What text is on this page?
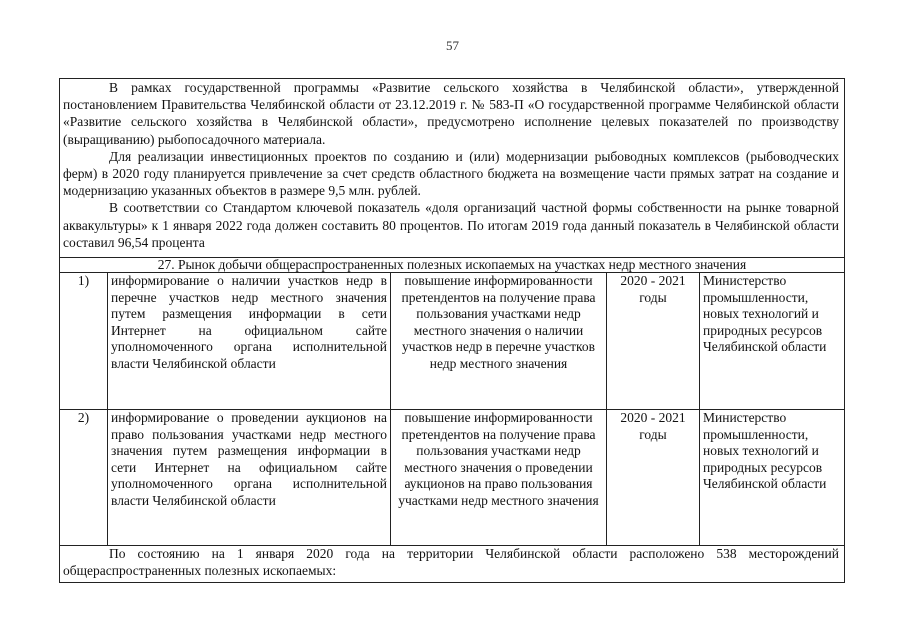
57

В рамках государственной программы «Развитие сельского хозяйства в Челябинской области», утвержденной постановлением Правительства Челябинской области от 23.12.2019 г. № 583-П «О государственной программе Челябинской области «Развитие сельского хозяйства в Челябинской области», предусмотрено исполнение целевых показателей по производству (выращиванию) рыбопосадочного материала.

Для реализации инвестиционных проектов по созданию и (или) модернизации рыбоводных комплексов (рыбоводческих ферм) в 2020 году планируется привлечение за счет средств областного бюджета на возмещение части прямых затрат на создание и модернизацию указанных объектов в размере 9,5 млн. рублей.

В соответствии со Стандартом ключевой показатель «доля организаций частной формы собственности на рынке товарной аквакультуры» к 1 января 2022 года должен составить 80 процентов. По итогам 2019 года данный показатель в Челябинской области составил 96,54 процента

27. Рынок добычи общераспространенных полезных ископаемых на участках недр местного значения
1)	информирование о наличии участков недр в перечне участков недр местного значения путем размещения информации в сети Интернет на официальном сайте уполномоченного органа исполнительной власти Челябинской области	повышение информированности претендентов на получение права пользования участками недр местного значения о наличии участков недр в перечне участков недр местного значения	2020 - 2021 годы	Министерство промышленности, новых технологий и природных ресурсов Челябинской области
2)	информирование о проведении аукционов на право пользования участками недр местного значения путем размещения информации в сети Интернет на официальном сайте уполномоченного органа исполнительной власти Челябинской области	повышение информированности претендентов на получение права пользования участками недр местного значения о проведении аукционов на право пользования участками недр местного значения	2020 - 2021 годы	Министерство промышленности, новых технологий и природных ресурсов Челябинской области

По состоянию на 1 января 2020 года на территории Челябинской области расположено 538 месторождений общераспространенных полезных ископаемых:
